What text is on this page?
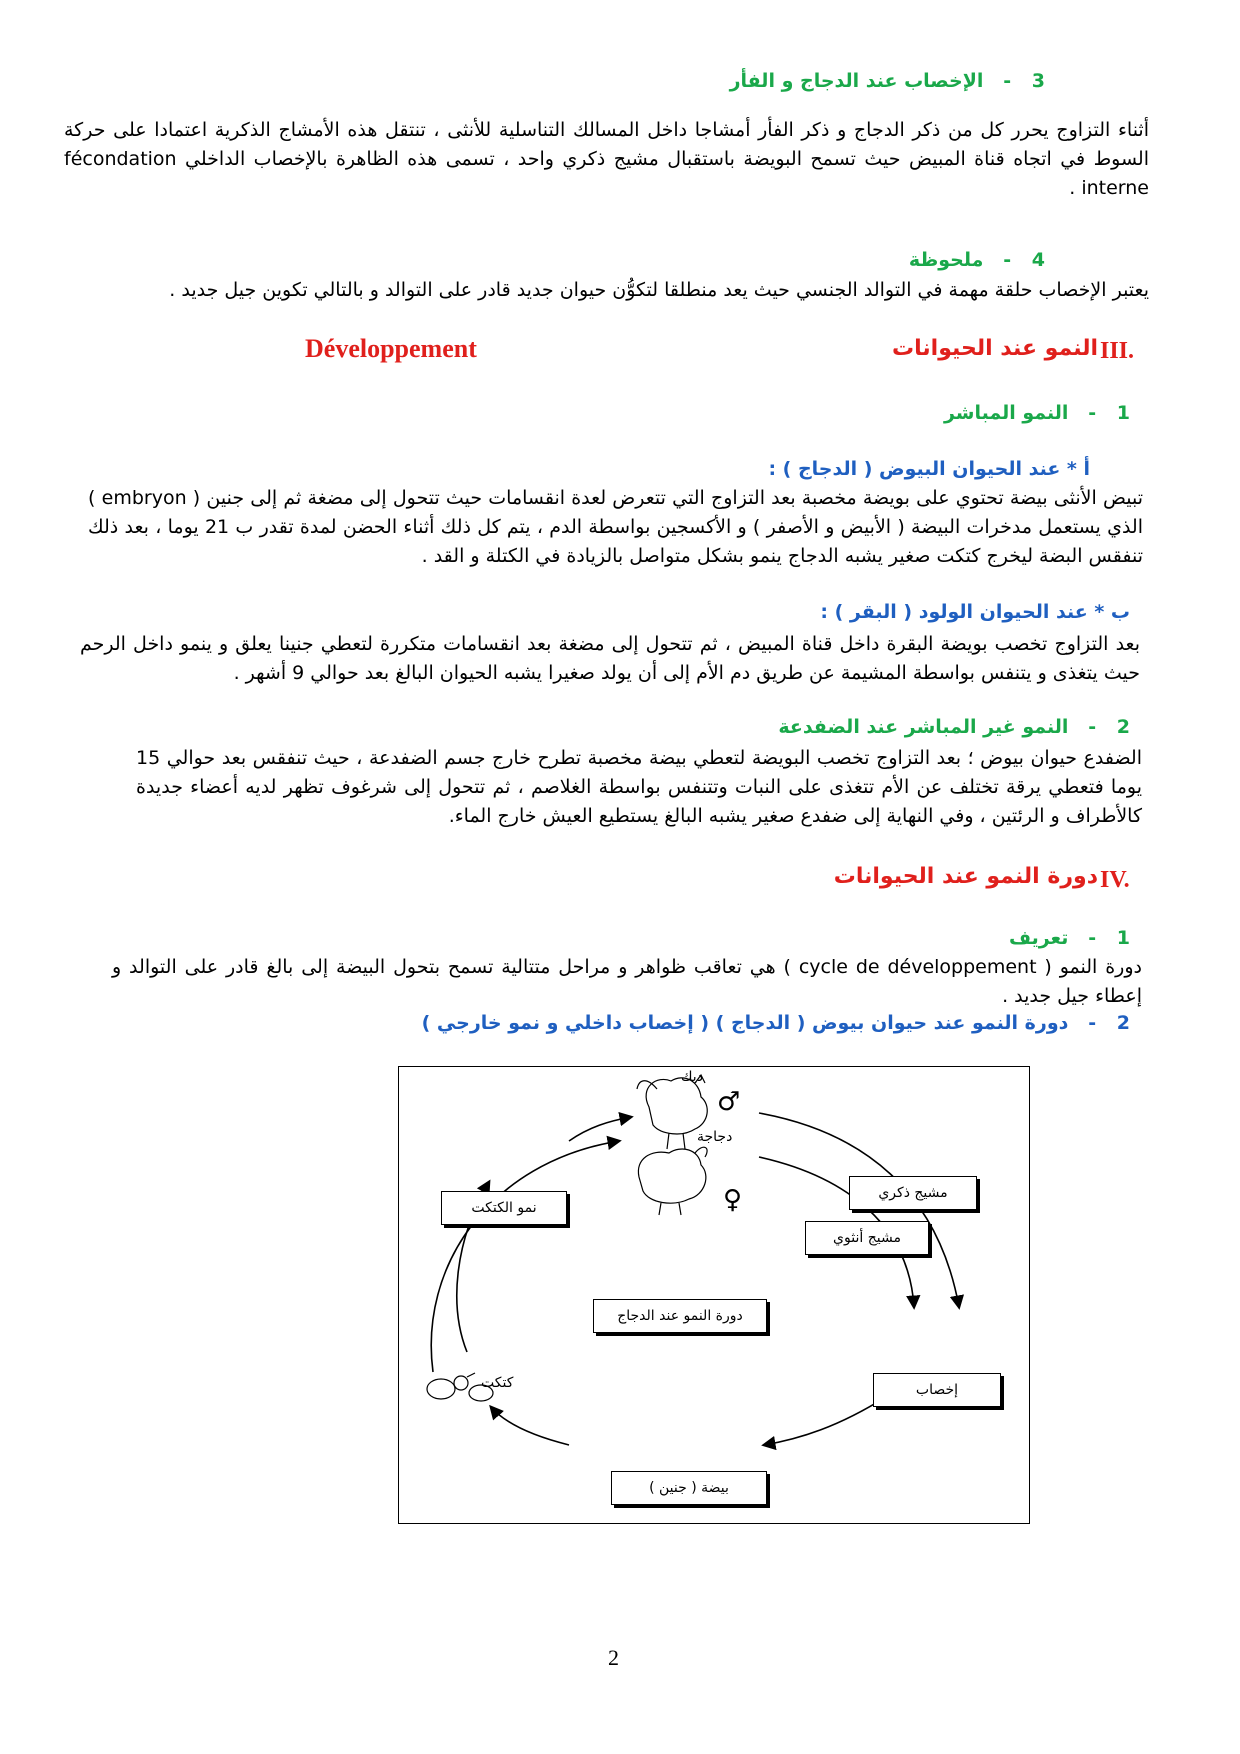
3 -   الإخصاب عند الدجاج و الفأر
أثناء التزاوج يحرر كل من ذكر الدجاج و ذكر الفأر أمشاجا داخل المسالك التناسلية للأنثى ، تنتقل هذه الأمشاج الذكرية اعتمادا على حركة السوط في اتجاه قناة المبيض حيث تسمح البويضة باستقبال مشيج ذكري واحد ، تسمى هذه الظاهرة بالإخصاب الداخلي fécondation interne .
4 -   ملحوظة
يعتبر الإخصاب حلقة مهمة في التوالد الجنسي حيث يعد منطلقا لتكوُّن حيوان جديد قادر على التوالد و بالتالي تكوين جيل جديد .
III.
النمو عند الحيوانات
Développement
1 -   النمو المباشر
أ * عند الحيوان البيوض ( الدجاج ) :
تبيض الأنثى بيضة تحتوي على بويضة مخصبة بعد التزاوج التي تتعرض لعدة انقسامات حيث تتحول إلى مضغة ثم إلى جنين ( embryon ) الذي يستعمل مدخرات البيضة ( الأبيض و الأصفر ) و الأكسجين بواسطة الدم ، يتم كل ذلك أثناء الحضن لمدة تقدر ب 21 يوما ، بعد ذلك تنفقس البضة ليخرج كتكت صغير يشبه الدجاج ينمو بشكل متواصل بالزيادة في الكتلة و القد .
ب * عند الحيوان الولود ( البقر ) :
بعد التزاوج تخصب بويضة البقرة داخل قناة المبيض ، ثم تتحول إلى مضغة بعد انقسامات متكررة لتعطي جنينا يعلق و ينمو داخل الرحم حيث يتغذى و يتنفس بواسطة المشيمة عن طريق دم الأم إلى أن يولد صغيرا يشبه الحيوان البالغ بعد حوالي 9 أشهر .
2 -   النمو غير المباشر عند الضفدعة
الضفدع حيوان بيوض ؛ بعد التزاوج تخصب البويضة لتعطي بيضة مخصبة تطرح خارج جسم الضفدعة ، حيث تنفقس بعد حوالي 15 يوما فتعطي يرقة تختلف عن الأم تتغذى على النبات وتتنفس بواسطة الغلاصم ، ثم تتحول إلى شرغوف تظهر لديه أعضاء جديدة كالأطراف و الرئتين ، وفي النهاية إلى ضفدع صغير يشبه البالغ يستطيع العيش خارج الماء.
IV.
دورة النمو عند الحيوانات
1 -   تعريف
دورة النمو ( cycle de développement ) هي تعاقب ظواهر و مراحل متتالية تسمح بتحول البيضة إلى بالغ قادر على التوالد و إعطاء جيل جديد .
2 -   دورة النمو عند حيوان بيوض ( الدجاج ) ( إخصاب داخلي و نمو خارجي )
ديك
♂
دجاجة
♀	مشيج ذكري
مشيج أنثوي
دورة النمو عند الدجاج
نمو الكتكت
إخصاب
بيضة ( جنين )
كتكت
2
